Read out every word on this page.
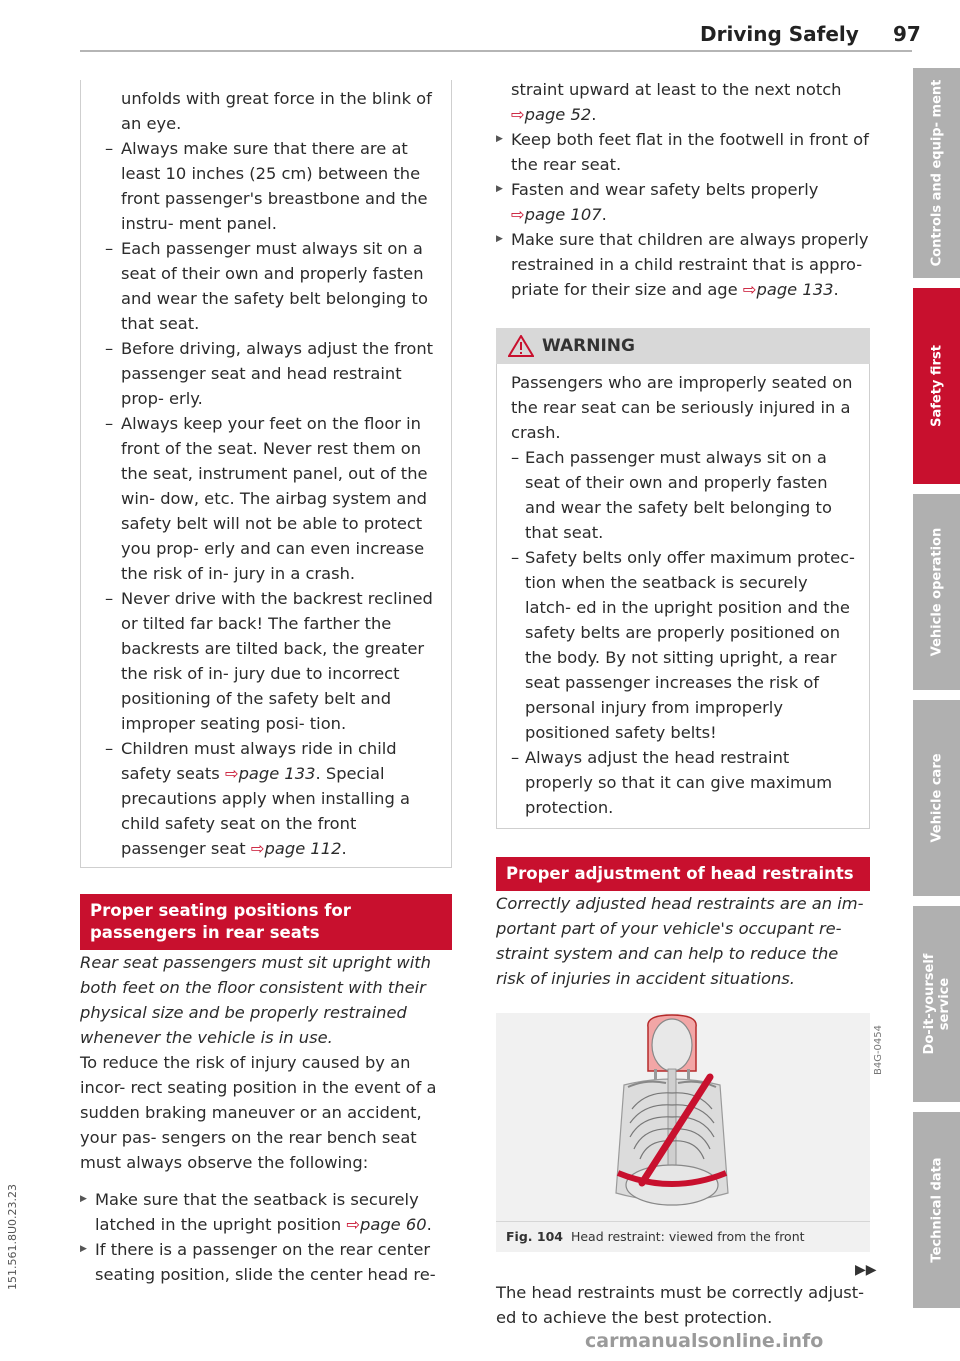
Driving Safely 97

unfolds with great force in the blink of an eye.

– Always make sure that there are at least 10 inches (25 cm) between the front passenger's breastbone and the instru- ment panel.

– Each passenger must always sit on a seat of their own and properly fasten and wear the safety belt belonging to that seat.

– Before driving, always adjust the front passenger seat and head restraint prop- erly.

– Always keep your feet on the floor in front of the seat. Never rest them on the seat, instrument panel, out of the win- dow, etc. The airbag system and safety belt will not be able to protect you prop- erly and can even increase the risk of in- jury in a crash.

– Never drive with the backrest reclined or tilted far back! The farther the backrests are tilted back, the greater the risk of in- jury due to incorrect positioning of the safety belt and improper seating posi- tion.

– Children must always ride in child safety seats ⇨page 133. Special precautions apply when installing a child safety seat on the front passenger seat ⇨page 112.

Proper seating positions for passengers in rear seats

Rear seat passengers must sit upright with both feet on the floor consistent with their physical size and be properly restrained whenever the vehicle is in use.

To reduce the risk of injury caused by an incor- rect seating position in the event of a sudden braking maneuver or an accident, your pas- sengers on the rear bench seat must always observe the following:

▶ Make sure that the seatback is securely latched in the upright position ⇨page 60.

▶ If there is a passenger on the rear center seating position, slide the center head re-

straint upward at least to the next notch
⇨page 52.

▶ Keep both feet flat in the footwell in front of the rear seat.

▶ Fasten and wear safety belts properly
⇨page 107.

▶ Make sure that children are always properly restrained in a child restraint that is appro- priate for their size and age ⇨page 133.

WARNING

Passengers who are improperly seated on the rear seat can be seriously injured in a crash.

– Each passenger must always sit on a seat of their own and properly fasten and wear the safety belt belonging to that seat.

– Safety belts only offer maximum protec- tion when the seatback is securely latch- ed in the upright position and the safety belts are properly positioned on the body. By not sitting upright, a rear seat passenger increases the risk of personal injury from improperly positioned safety belts!

– Always adjust the head restraint properly so that it can give maximum protection.

Proper adjustment of head restraints

Correctly adjusted head restraints are an im- portant part of your vehicle's occupant re- straint system and can help to reduce the risk of injuries in accident situations.

B4G-0454
Fig. 104 Head restraint: viewed from the front

The head restraints must be correctly adjust- ed to achieve the best protection.

▶▶
Controls and equip- ment
Safety first
Vehicle operation
Vehicle care
Do-it-yourself service
Technical data
151.561.8U0.23.23
carmanualsonline.info
